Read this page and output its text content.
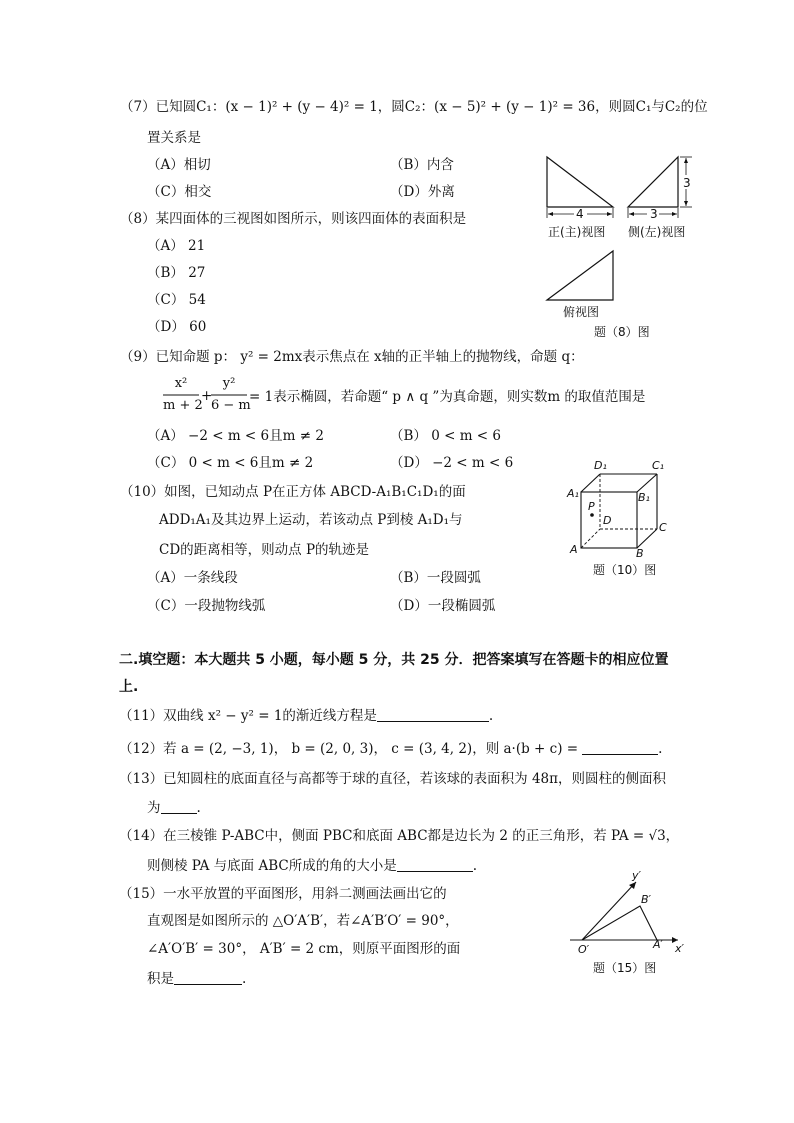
（7）已知圆C₁：(x − 1)² + (y − 4)² = 1，圆C₂：(x − 5)² + (y − 1)² = 36，则圆C₁与C₂的位
置关系是
（A）相切	（B）内含
（C）相交	（D）外离
（8）某四面体的三视图如图所示，则该四面体的表面积是
（A） 21
（B） 27
（C） 54
（D） 60
4	3
3
正(主)视图 侧(左)视图
俯视图
题（8）图
（9）已知命题 p： y² = 2mx表示焦点在 x轴的正半轴上的抛物线，命题 q：
x²
m + 2
+
y²
6 − m
= 1表示椭圆，若命题“ p ∧ q ”为真命题，则实数m 的取值范围是
（A） −2 < m < 6且m ≠ 2	（B） 0 < m < 6
（C） 0 < m < 6且m ≠ 2	（D） −2 < m < 6
（10）如图，已知动点 P在正方体 ABCD-A₁B₁C₁D₁的面
ADD₁A₁及其边界上运动，若该动点 P到棱 A₁D₁与
CD的距离相等，则动点 P的轨迹是
（A）一条线段	（B）一段圆弧
（C）一段抛物线弧	（D）一段椭圆弧
D₁	C₁
A₁	B₁
P
D
C
A	B
题（10）图
二.填空题：本大题共 5 小题，每小题 5 分，共 25 分．把答案填写在答题卡的相应位置
上.
（11）双曲线 x² − y² = 1的渐近线方程是	.
（12）若 a = (2, −3, 1)， b = (2, 0, 3)， c = (3, 4, 2)，则 a·(b + c) =	.
（13）已知圆柱的底面直径与高都等于球的直径，若该球的表面积为 48π，则圆柱的侧面积
为	.
（14）在三棱锥 P-ABC中，侧面 PBC和底面 ABC都是边长为 2 的正三角形，若 PA = √3，
则侧棱 PA 与底面 ABC所成的角的大小是	.
（15）一水平放置的平面图形，用斜二测画法画出它的
直观图是如图所示的 △O′A′B′，若∠A′B′O′ = 90°，
∠A′O′B′ = 30°， A′B′ = 2 cm，则原平面图形的面
积是	.
y′
B′
O′	A′ x′
题（15）图
